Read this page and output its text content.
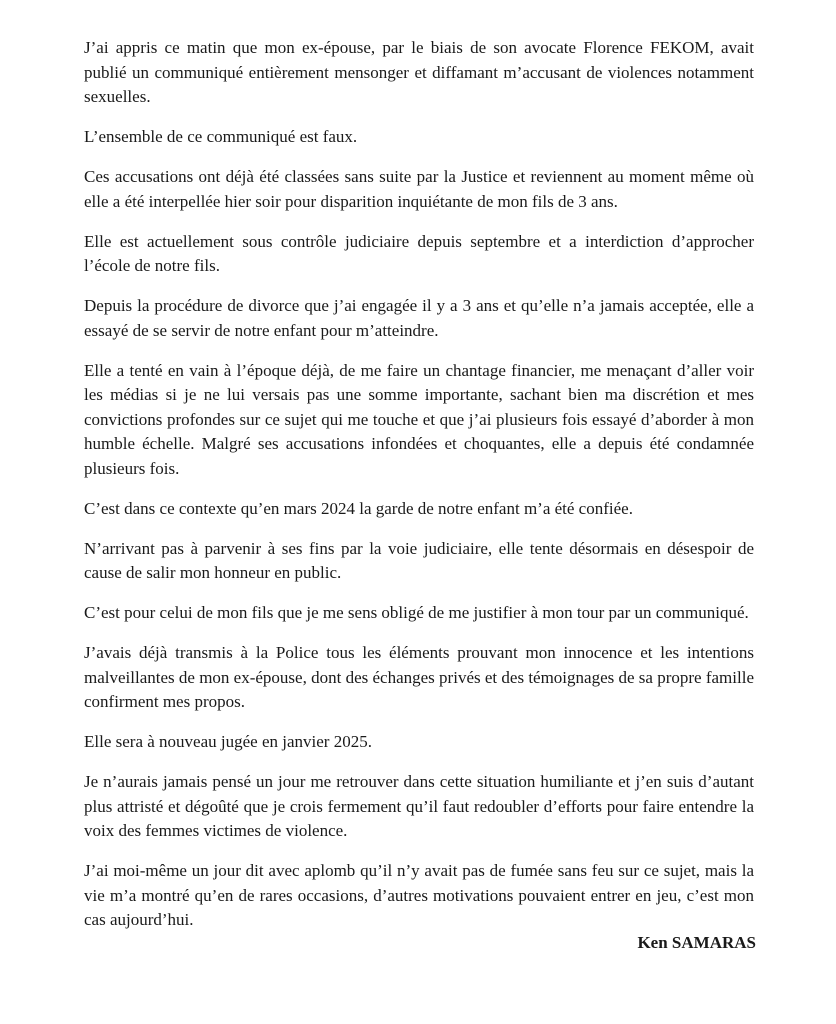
J’ai appris ce matin que mon ex-épouse, par le biais de son avocate Florence FEKOM, avait publié un communiqué entièrement mensonger et diffamant m’accusant de violences notamment sexuelles.

L’ensemble de ce communiqué est faux.

Ces accusations ont déjà été classées sans suite par la Justice et reviennent au moment même où elle a été interpellée hier soir pour disparition inquiétante de mon fils de 3 ans.

Elle est actuellement sous contrôle judiciaire depuis septembre et a interdiction d’approcher l’école de notre fils.

Depuis la procédure de divorce que j’ai engagée il y a 3 ans et qu’elle n’a jamais acceptée, elle a essayé de se servir de notre enfant pour m’atteindre.

Elle a tenté en vain à l’époque déjà, de me faire un chantage financier, me menaçant d’aller voir les médias si je ne lui versais pas une somme importante, sachant bien ma discrétion et mes convictions profondes sur ce sujet qui me touche et que j’ai plusieurs fois essayé d’aborder à mon humble échelle. Malgré ses accusations infondées et choquantes, elle a depuis été condamnée plusieurs fois.

C’est dans ce contexte qu’en mars 2024 la garde de notre enfant m’a été confiée.

N’arrivant pas à parvenir à ses fins par la voie judiciaire, elle tente désormais en désespoir de cause de salir mon honneur en public.

C’est pour celui de mon fils que je me sens obligé de me justifier à mon tour par un communiqué.

J’avais déjà transmis à la Police tous les éléments prouvant mon innocence et les intentions malveillantes de mon ex-épouse, dont des échanges privés et des témoignages de sa propre famille confirment mes propos.

Elle sera à nouveau jugée en janvier 2025.

Je n’aurais jamais pensé un jour me retrouver dans cette situation humiliante et j’en suis d’autant plus attristé et dégoûté que je crois fermement qu’il faut redoubler d’efforts pour faire entendre la voix des femmes victimes de violence.

J’ai moi-même un jour dit avec aplomb qu’il n’y avait pas de fumée sans feu sur ce sujet, mais la vie m’a montré qu’en de rares occasions, d’autres motivations pouvaient entrer en jeu, c’est mon cas aujourd’hui.

Ken SAMARAS
